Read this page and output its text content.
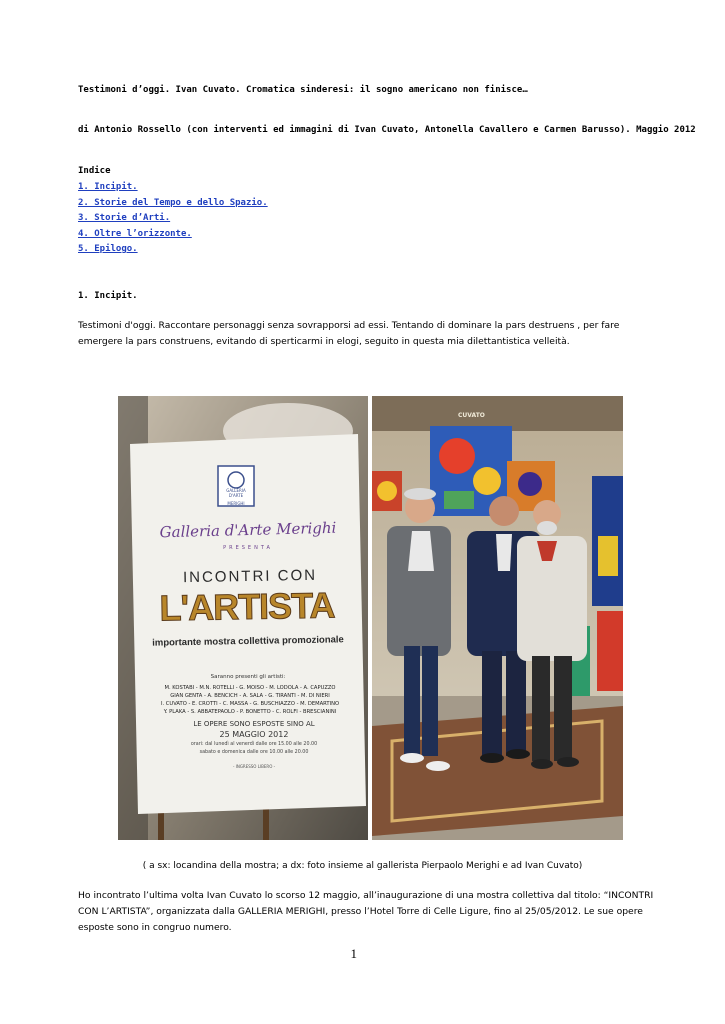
Testimoni d’oggi. Ivan Cuvato. Cromatica sinderesi: il sogno americano non finisce…
di Antonio Rossello (con interventi ed immagini di Ivan Cuvato, Antonella Cavallero e Carmen Barusso). Maggio 2012
Indice
1. Incipit.
2. Storie del Tempo e dello Spazio.
3. Storie d’Arti.
4. Oltre l’orizzonte.
5. Epilogo.
1. Incipit.
Testimoni d'oggi. Raccontare personaggi senza sovrapporsi ad essi. Tentando di dominare la pars destruens , per fare emergere la pars construens, evitando di sperticarmi in elogi, seguito in questa mia dilettantistica velleità.
GALLERIA
D'ARTE
MERIGHI
Galleria d'Arte Merighi
PRESENTA
INCONTRI CON
L'ARTISTA
importante mostra collettiva promozionale
Saranno presenti gli artisti:
M. KOSTABI - M.N. ROTELLI - G. MOISO - M. LODOLA - A. CAPUZZO
GIAN GENTA - A. BENCICH - A. SALA - G. TIRANTI - M. DI NIERI
I. CUVATO - E. CROTTI - C. MASSA - G. BUSCHIAZZO - M. DEMARTINO
Y. PLAKA - S. ABBATEPAOLO - P. BONETTO - C. ROLFI - BRESCIANINI
LE OPERE SONO ESPOSTE SINO AL
25 MAGGIO 2012
orari: dal lunedì al venerdì dalle ore 15.00 alle 20.00
sabato e domenica dalle ore 10.00 alle 20.00
- INGRESSO LIBERO -
CUVATO
( a sx: locandina della mostra; a dx: foto insieme al gallerista Pierpaolo Merighi e ad Ivan Cuvato)
Ho incontrato l’ultima volta Ivan Cuvato lo scorso 12 maggio, all’inaugurazione di una mostra collettiva dal titolo: “INCONTRI CON L’ARTISTA”, organizzata dalla GALLERIA MERIGHI, presso l’Hotel Torre di Celle Ligure, fino al 25/05/2012. Le sue opere esposte sono in congruo numero.
1
